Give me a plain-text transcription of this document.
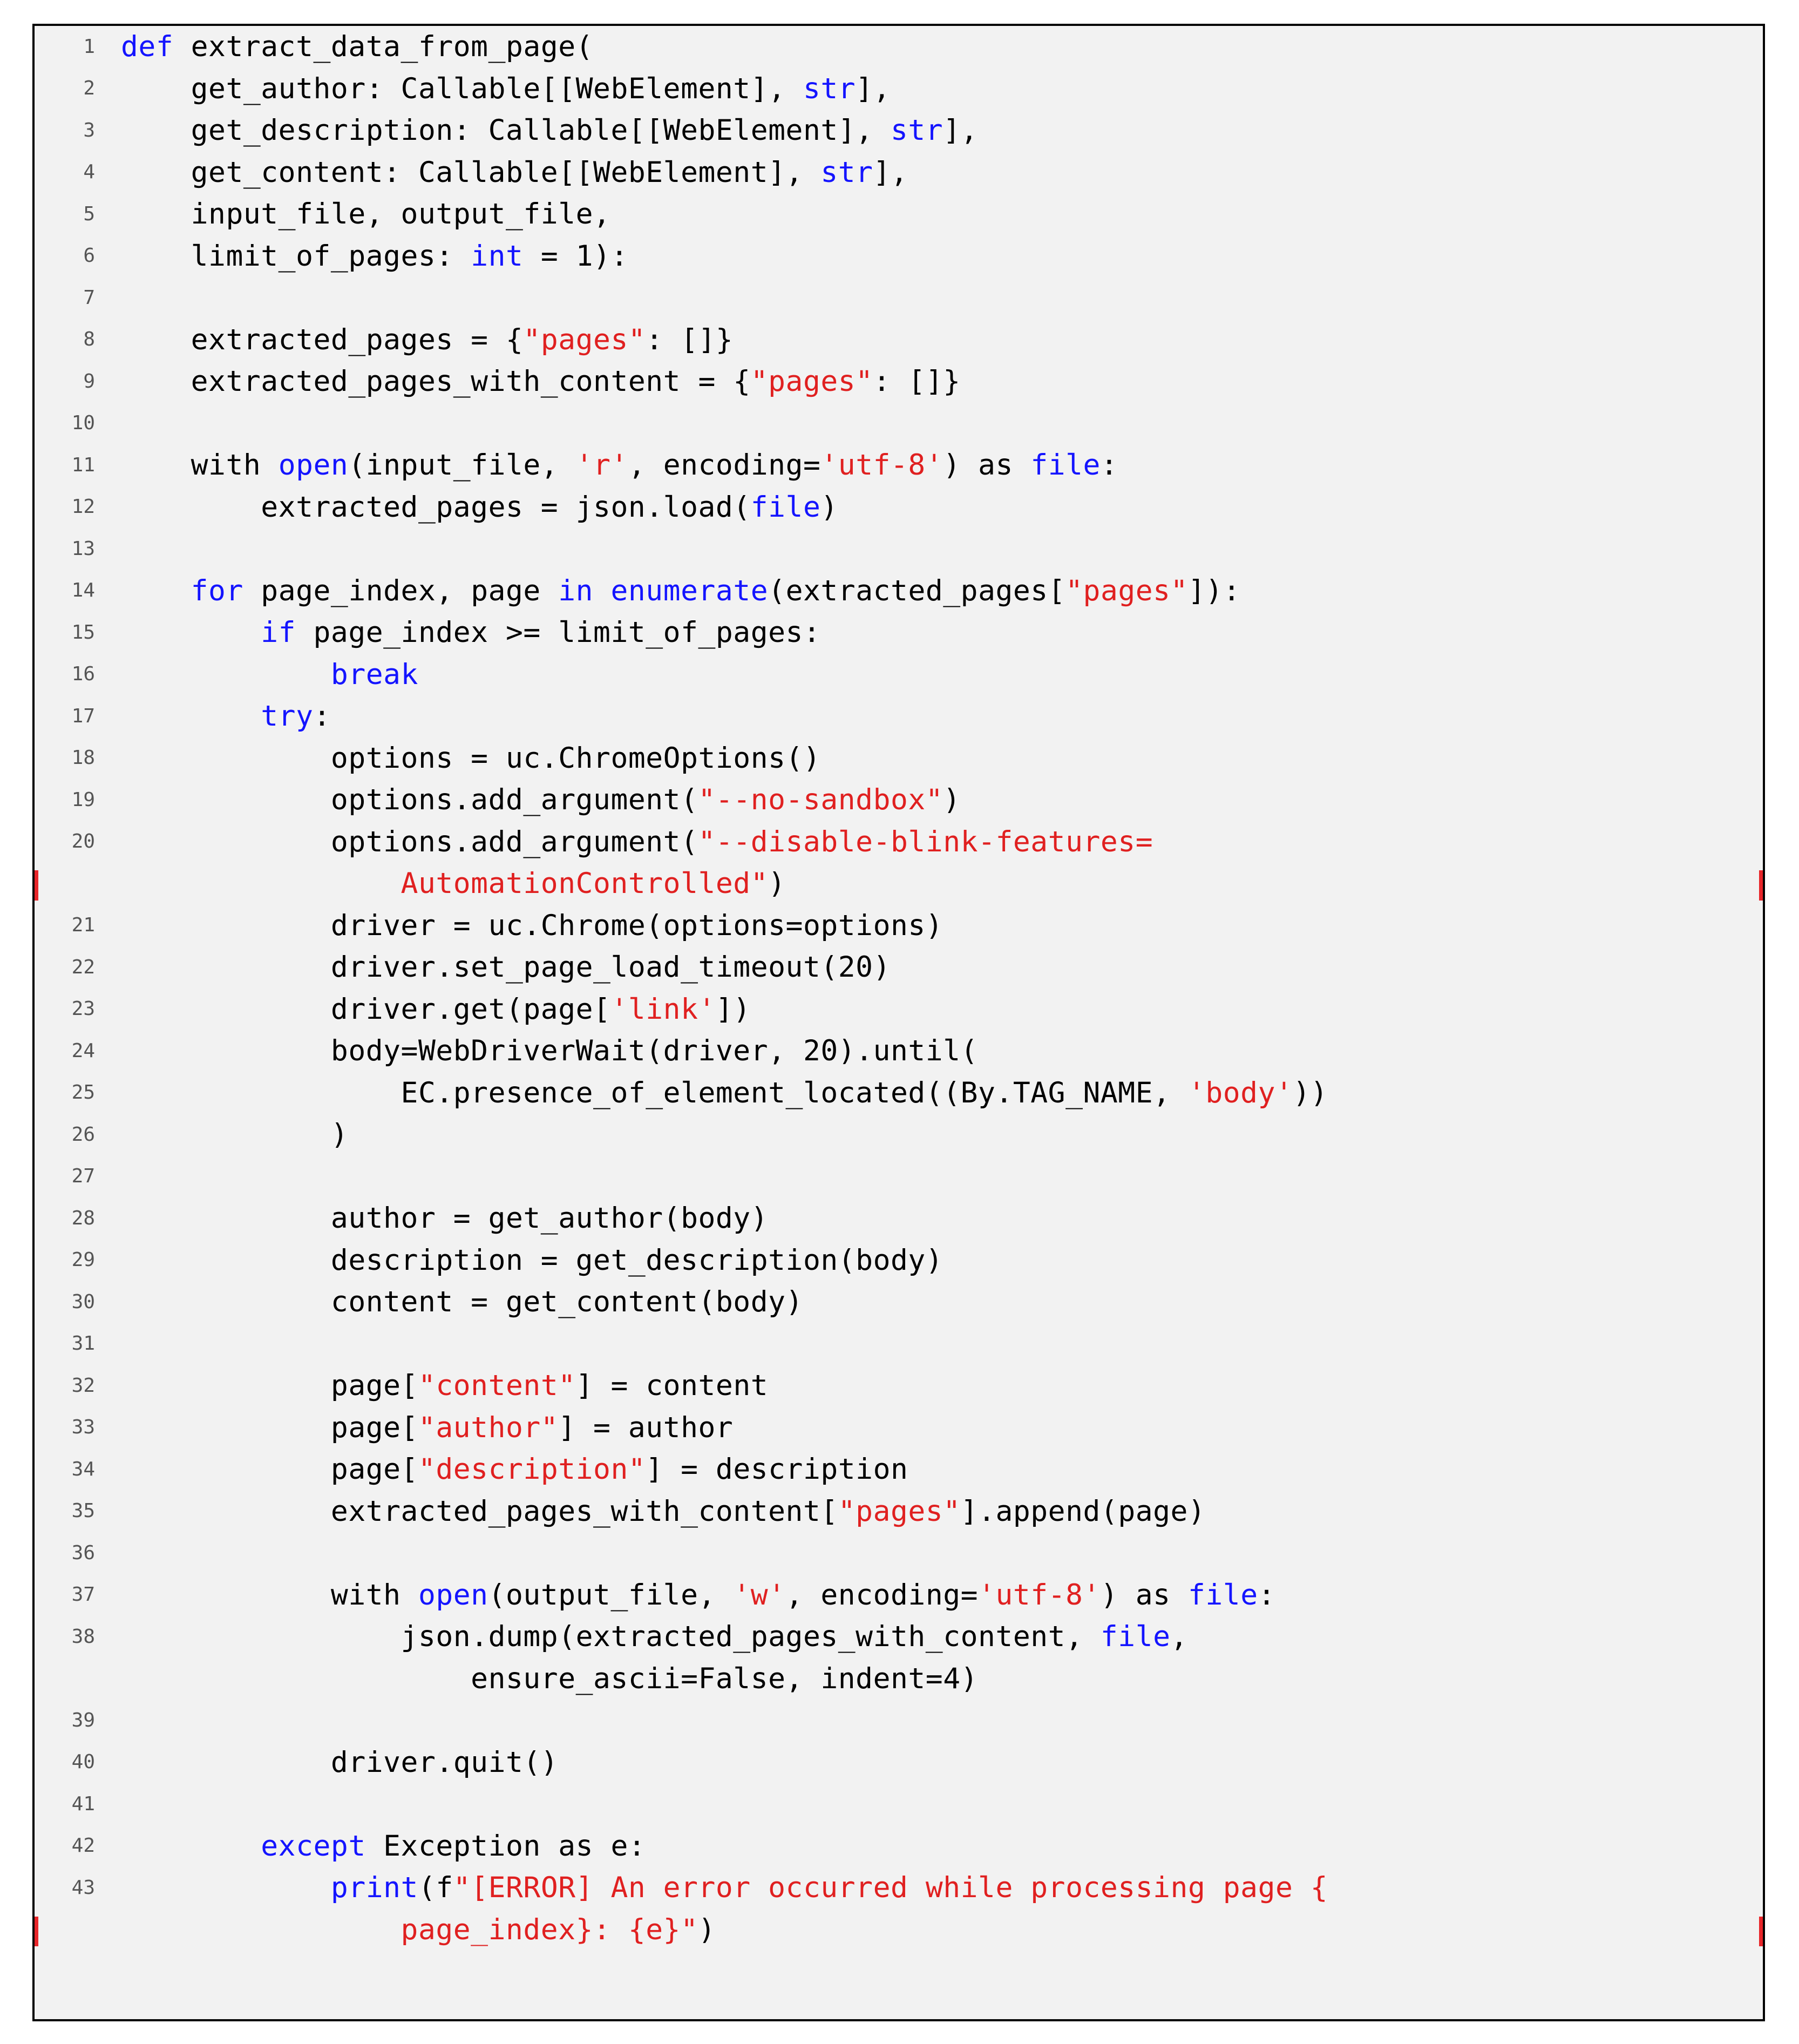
1	def extract_data_from_page(
2	get_author: Callable[[WebElement], str],
3	get_description: Callable[[WebElement], str],
4	get_content: Callable[[WebElement], str],
5	input_file, output_file,
6	limit_of_pages: int = 1):
7	
8	extracted_pages = {"pages": []}
9	extracted_pages_with_content = {"pages": []}
10	
11	with open(input_file, 'r', encoding='utf-8') as file:
12	extracted_pages = json.load(file)
13	
14	for page_index, page in enumerate(extracted_pages["pages"]):
15	if page_index >= limit_of_pages:
16	break
17	try:
18	options = uc.ChromeOptions()
19	options.add_argument("--no-sandbox")
20	options.add_argument("--disable-blink-features=
	AutomationControlled")
21	driver = uc.Chrome(options=options)
22	driver.set_page_load_timeout(20)
23	driver.get(page['link'])
24	body=WebDriverWait(driver, 20).until(
25	EC.presence_of_element_located((By.TAG_NAME, 'body'))
26	)
27	
28	author = get_author(body)
29	description = get_description(body)
30	content = get_content(body)
31	
32	page["content"] = content
33	page["author"] = author
34	page["description"] = description
35	extracted_pages_with_content["pages"].append(page)
36	
37	with open(output_file, 'w', encoding='utf-8') as file:
38	json.dump(extracted_pages_with_content, file,
	ensure_ascii=False, indent=4)
39	
40	driver.quit()
41	
42	except Exception as e:
43	print(f"[ERROR] An error occurred while processing page {
	page_index}: {e}")
